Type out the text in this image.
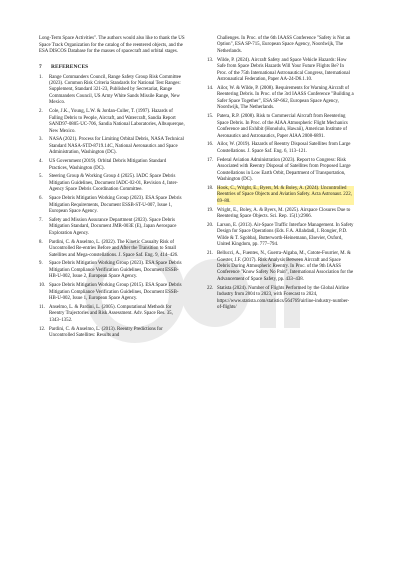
Long-Term Space Activities". The authors would also like to thank the US Space Track Organization for the catalog of the reentered objects, and the ESA DISCOS Database for the masses of spacecraft and orbital stages.

7 REFERENCES
1.	Range Commanders Council, Range Safety Group Risk Committee (2023). Common Risk Criteria Standards for National Test Ranges: Supplement, Standard 321-23, Published by Secretariat, Range Commanders Council, US Army White Sands Missile Range, New Mexico.
2.	Cole, J.K., Young, L.W. & Jordan-Culler, T. (1997). Hazards of Falling Debris to People, Aircraft, and Watercraft, Sandia Report SAND97-0805·UC-706, Sandia National Laboratories, Albuquerque, New Mexico.
3.	NASA (2021). Process for Limiting Orbital Debris, NASA Technical Standard NASA-STD-8719.14C, National Aeronautics and Space Administration, Washington (DC).
4.	US Government (2019). Orbital Debris Mitigation Standard Practices, Washington (DC).
5.	Steering Group & Working Group 4 (2025). IADC Space Debris Mitigation Guidelines, Document IADC-02-01, Revision 4, Inter-Agency Space Debris Coordination Committee.
6.	Space Debris Mitigation Working Group (2023). ESA Space Debris Mitigation Requirements, Document ESSB-ST-U-007, Issue 1, European Space Agency.
7.	Safety and Mission Assurance Department (2023). Space Debris Mitigation Standard, Document JMR-003E (E), Japan Aerospace Exploration Agency.
8.	Pardini, C. & Anselmo, L. (2022). The Kinetic Casualty Risk of Uncontrolled Re-entries Before and After the Transition to Small Satellites and Mega-constellations. J. Space Saf. Eng. 9, 414–426.
9.	Space Debris Mitigation Working Group (2023). ESA Space Debris Mitigation Compliance Verification Guidelines, Document ESSB-HB-U-002, Issue 2, European Space Agency.
10. Space Debris Mitigation Working Group (2015). ESA Space Debris Mitigation Compliance Verification Guidelines, Document ESSB-HB-U-002, Issue 1, European Space Agency.
11. Anselmo, L. & Pardini, L. (2005). Computational Methods for Reentry Trajectories and Risk Assessment. Adv. Space Res. 35, 1343–1352.
12. Pardini, C. & Anselmo, L. (2013). Reentry Predictions for Uncontrolled Satellites: Results and
Challenges. In Proc. of the 6th IAASS Conference "Safety is Not an Option", ESA SP-715, European Space Agency, Noordwijk, The Netherlands.
13. Wilde, P. (2024). Aircraft Safety and Space Vehicle Hazards: How Safe from Space Debris Hazards Will Your Future Flights Be? In Proc. of the 75th International Astronautical Congress, International Astronautical Federation, Paper AA-24-D6.1.10.
14. Ailor, W. & Wilde, P. (2008). Requirements for Warning Aircraft of Reentering Debris. In Proc. of the 3rd IAASS Conference "Building a Safer Space Together", ESA SP-662, European Space Agency, Noordwijk, The Netherlands.
15. Patera, R.P. (2008). Risk to Commercial Aircraft from Reentering Space Debris. In Proc. of the AIAA Atmospheric Flight Mechanics Conference and Exhibit (Honolulu, Hawaii), American Institute of Aeronautics and Astronautics, Paper AIAA 2008-6891.
16. Ailor, W. (2019). Hazards of Reentry Disposal Satellites from Large Constellations. J. Space Saf. Eng. 6, 113–121.
17. Federal Aviation Administration (2023). Report to Congress: Risk Associated with Reentry Disposal of Satellites from Proposed Large Constellations in Low Earth Orbit, Department of Transportation, Washington (DC).
18. Hook, C., Wright, E., Byers, M. & Boley, A. (2024). Uncontrolled Reentries of Space Objects and Aviation Safety. Acta Astronaut. 222, 69–80.
19. Wright, E., Boley, A. & Byers, M. (2025). Airspace Closures Due to Reentering Space Objects. Sci. Rep. 15(1):2966.
20. Larson, E. (2013). Air-Space Traffic Interface Management. In Safety Design for Space Operations (Eds. F.A. Allahdadi, I. Rongier, P.D. Wilde & T. Sgobba), Butterworth-Heinemann, Elsevier, Oxford, United Kingdom, pp. 777–794.
21. Bellucci, A., Fuentes, N., Guerra-Algaba, M., Cotote-Fourrier, M. & Goester, J.F. (2017). Risk Analysis Between Aircraft and Space Debris During Atmospheric Reentry. In Proc. of the 9th IAASS Conference "Know Safety No Pain", International Association for the Advancement of Space Safety, pp. 433–438.
22. Statista (2024). Number of Flights Performed by the Global Airline Industry from 2004 to 2023, with Forecast to 2024, https://www.statista.com/statistics/564769/airline-industry-number-of-flights/
